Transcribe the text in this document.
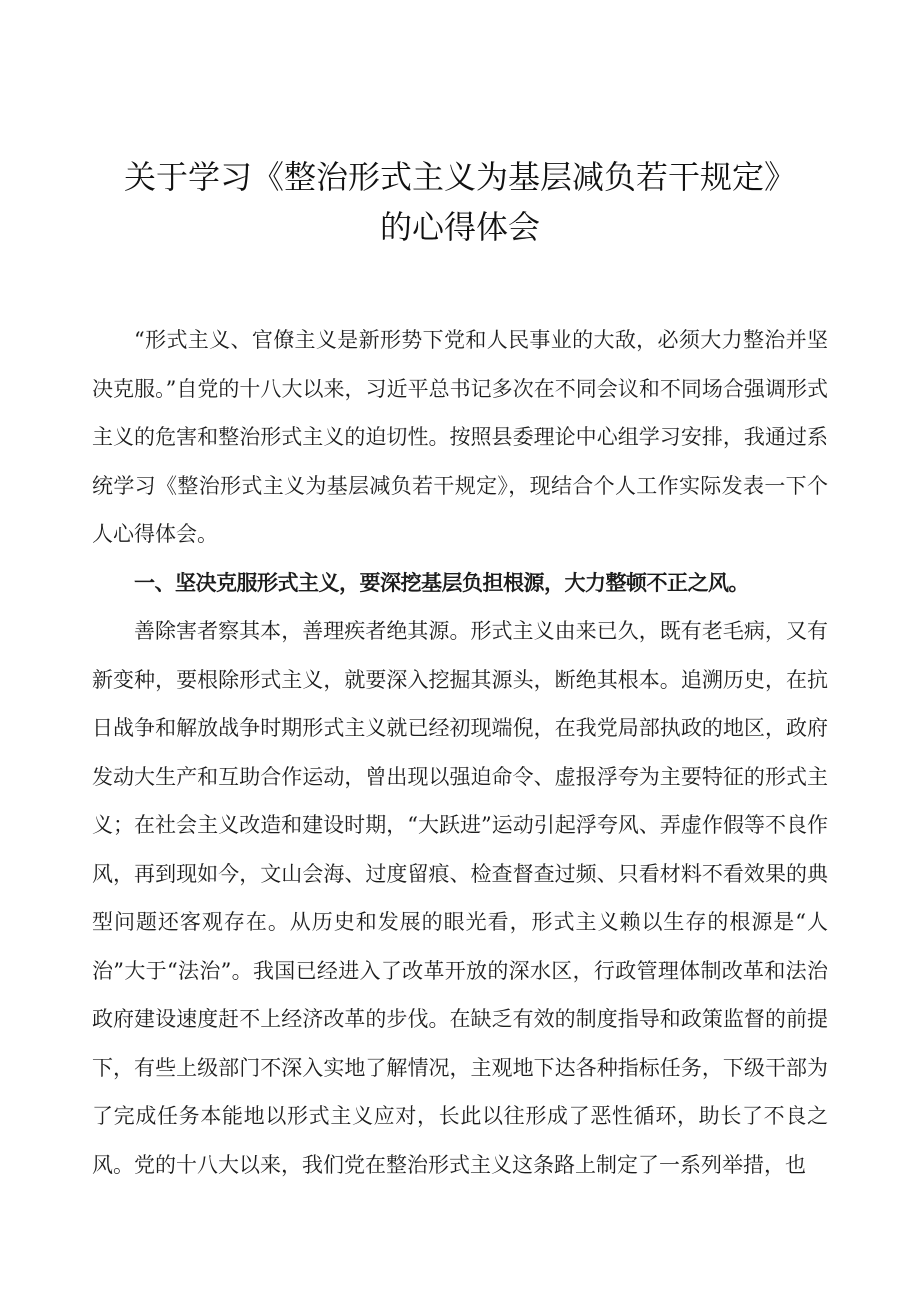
关于学习《整治形式主义为基层减负若干规定》
的心得体会

“形式主义、官僚主义是新形势下党和人民事业的大敌，必须大力整治并坚决克服。”自党的十八大以来，习近平总书记多次在不同会议和不同场合强调形式主义的危害和整治形式主义的迫切性。按照县委理论中心组学习安排，我通过系统学习《整治形式主义为基层减负若干规定》，现结合个人工作实际发表一下个人心得体会。

一、坚决克服形式主义，要深挖基层负担根源，大力整顿不正之风。

善除害者察其本，善理疾者绝其源。形式主义由来已久，既有老毛病，又有新变种，要根除形式主义，就要深入挖掘其源头，断绝其根本。追溯历史，在抗日战争和解放战争时期形式主义就已经初现端倪，在我党局部执政的地区，政府发动大生产和互助合作运动，曾出现以强迫命令、虚报浮夸为主要特征的形式主义；在社会主义改造和建设时期，“大跃进”运动引起浮夸风、弄虚作假等不良作风，再到现如今，文山会海、过度留痕、检查督查过频、只看材料不看效果的典型问题还客观存在。从历史和发展的眼光看，形式主义赖以生存的根源是“人治”大于“法治”。我国已经进入了改革开放的深水区，行政管理体制改革和法治政府建设速度赶不上经济改革的步伐。在缺乏有效的制度指导和政策监督的前提下，有些上级部门不深入实地了解情况，主观地下达各种指标任务，下级干部为了完成任务本能地以形式主义应对，长此以往形成了恶性循环，助长了不良之风。党的十八大以来，我们党在整治形式主义这条路上制定了一系列举措，也
